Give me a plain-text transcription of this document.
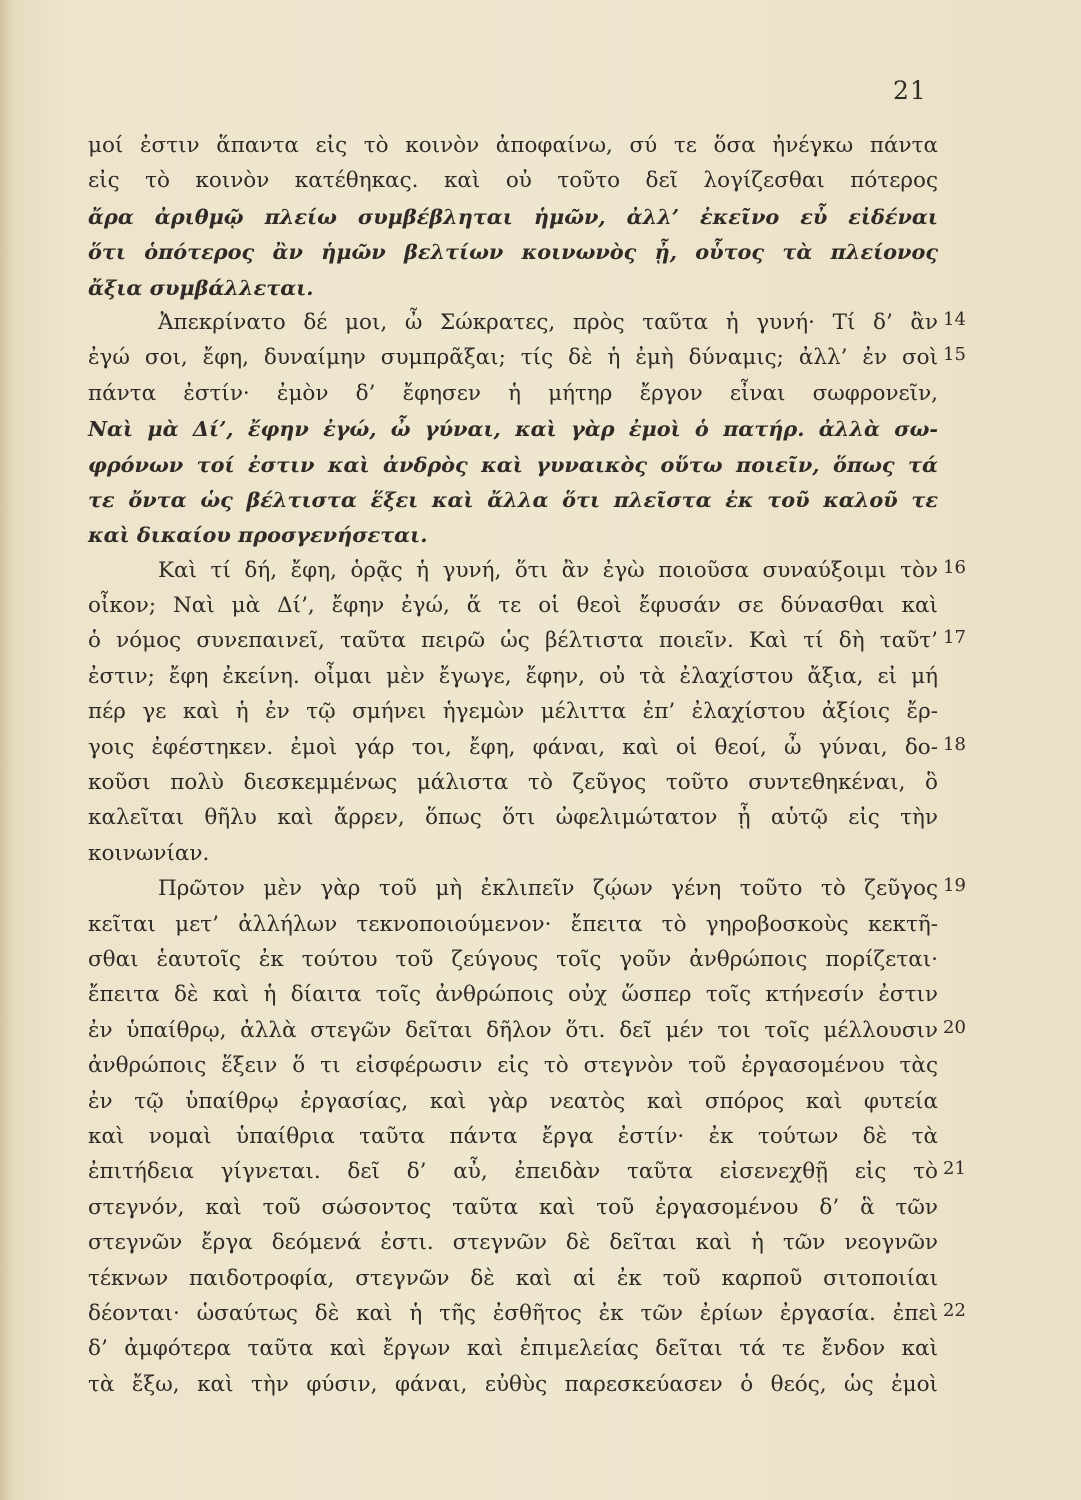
21
μοί ἐστιν ἅπαντα εἰς τὸ κοινὸν ἀποφαίνω, σύ τε ὅσα ἠνέγκω πάντα
εἰς τὸ κοινὸν κατέθηκας. καὶ οὐ τοῦτο δεῖ λογίζεσθαι πότερος
ἄρα ἀριθμῷ πλείω συμβέβληται ἡμῶν, ἀλλ’ ἐκεῖνο εὖ εἰδέναι
ὅτι ὁπότερος ἂν ἡμῶν βελτίων κοινωνὸς ᾖ, οὗτος τὰ πλείονος
ἄξια συμβάλλεται.
Ἀπεκρίνατο δέ μοι, ὦ Σώκρατες, πρὸς ταῦτα ἡ γυνή· Τί δ’ ἂν 14
ἐγώ σοι, ἔφη, δυναίμην συμπρᾶξαι; τίς δὲ ἡ ἐμὴ δύναμις; ἀλλ’ ἐν σοὶ 15
πάντα ἐστίν· ἐμὸν δ’ ἔφησεν ἡ μήτηρ ἔργον εἶναι σωφρονεῖν,
Ναὶ μὰ Δί’, ἔφην ἐγώ, ὦ γύναι, καὶ γὰρ ἐμοὶ ὁ πατήρ. ἀλλὰ σω-
φρόνων τοί ἐστιν καὶ ἀνδρὸς καὶ γυναικὸς οὕτω ποιεῖν, ὅπως τά
τε ὄντα ὡς βέλτιστα ἕξει καὶ ἄλλα ὅτι πλεῖστα ἐκ τοῦ καλοῦ τε
καὶ δικαίου προσγενήσεται.
Καὶ τί δή, ἔφη, ὁρᾷς ἡ γυνή, ὅτι ἂν ἐγὼ ποιοῦσα συναύξοιμι τὸν 16
οἶκον; Ναὶ μὰ Δί’, ἔφην ἐγώ, ἅ τε οἱ θεοὶ ἔφυσάν σε δύνασθαι καὶ
ὁ νόμος συνεπαινεῖ, ταῦτα πειρῶ ὡς βέλτιστα ποιεῖν. Καὶ τί δὴ ταῦτ’ 17
ἐστιν; ἔφη ἐκείνη. οἶμαι μὲν ἔγωγε, ἔφην, οὐ τὰ ἐλαχίστου ἄξια, εἰ μή
πέρ γε καὶ ἡ ἐν τῷ σμήνει ἡγεμὼν μέλιττα ἐπ’ ἐλαχίστου ἀξίοις ἔρ-
γοις ἐφέστηκεν. ἐμοὶ γάρ τοι, ἔφη, φάναι, καὶ οἱ θεοί, ὦ γύναι, δο- 18
κοῦσι πολὺ διεσκεμμένως μάλιστα τὸ ζεῦγος τοῦτο συντεθηκέναι, ὃ
καλεῖται θῆλυ καὶ ἄρρεν, ὅπως ὅτι ὠφελιμώτατον ᾖ αὑτῷ εἰς τὴν
κοινωνίαν.
Πρῶτον μὲν γὰρ τοῦ μὴ ἐκλιπεῖν ζῴων γένη τοῦτο τὸ ζεῦγος 19
κεῖται μετ’ ἀλλήλων τεκνοποιούμενον· ἔπειτα τὸ γηροβοσκοὺς κεκτῆ-
σθαι ἑαυτοῖς ἐκ τούτου τοῦ ζεύγους τοῖς γοῦν ἀνθρώποις πορίζεται·
ἔπειτα δὲ καὶ ἡ δίαιτα τοῖς ἀνθρώποις οὐχ ὥσπερ τοῖς κτήνεσίν ἐστιν
ἐν ὑπαίθρῳ, ἀλλὰ στεγῶν δεῖται δῆλον ὅτι. δεῖ μέν τοι τοῖς μέλλουσιν 20
ἀνθρώποις ἕξειν ὅ τι εἰσφέρωσιν εἰς τὸ στεγνὸν τοῦ ἐργασομένου τὰς
ἐν τῷ ὑπαίθρῳ ἐργασίας, καὶ γὰρ νεατὸς καὶ σπόρος καὶ φυτεία
καὶ νομαὶ ὑπαίθρια ταῦτα πάντα ἔργα ἐστίν· ἐκ τούτων δὲ τὰ
ἐπιτήδεια γίγνεται. δεῖ δ’ αὖ, ἐπειδὰν ταῦτα εἰσενεχθῇ εἰς τὸ 21
στεγνόν, καὶ τοῦ σώσοντος ταῦτα καὶ τοῦ ἐργασομένου δ’ ἃ τῶν
στεγνῶν ἔργα δεόμενά ἐστι. στεγνῶν δὲ δεῖται καὶ ἡ τῶν νεογνῶν
τέκνων παιδοτροφία, στεγνῶν δὲ καὶ αἱ ἐκ τοῦ καρποῦ σιτοποιίαι
δέονται· ὡσαύτως δὲ καὶ ἡ τῆς ἐσθῆτος ἐκ τῶν ἐρίων ἐργασία. ἐπεὶ 22
δ’ ἀμφότερα ταῦτα καὶ ἔργων καὶ ἐπιμελείας δεῖται τά τε ἔνδον καὶ
τὰ ἔξω, καὶ τὴν φύσιν, φάναι, εὐθὺς παρεσκεύασεν ὁ θεός, ὡς ἐμοὶ
